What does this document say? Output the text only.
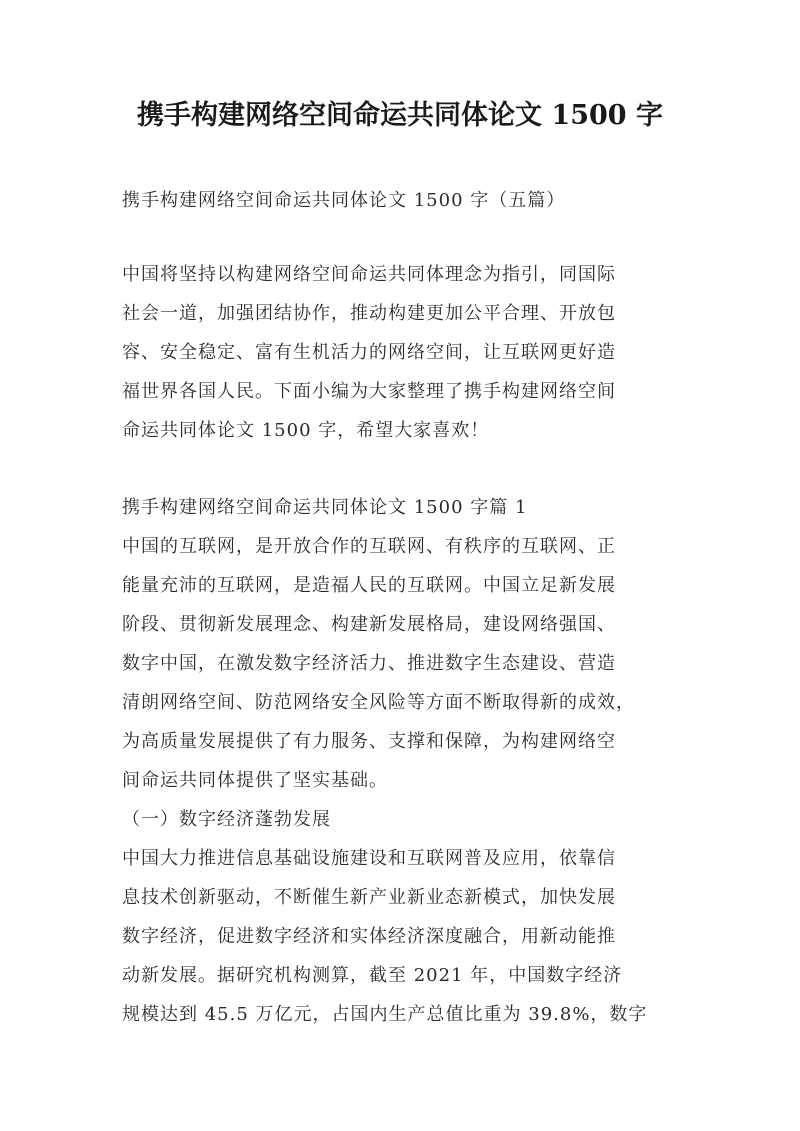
携手构建网络空间命运共同体论文 1500 字
携手构建网络空间命运共同体论文 1500 字（五篇）
中国将坚持以构建网络空间命运共同体理念为指引，同国际
社会一道，加强团结协作，推动构建更加公平合理、开放包
容、安全稳定、富有生机活力的网络空间，让互联网更好造
福世界各国人民。下面小编为大家整理了携手构建网络空间
命运共同体论文 1500 字，希望大家喜欢！
携手构建网络空间命运共同体论文 1500 字篇 1
中国的互联网，是开放合作的互联网、有秩序的互联网、正
能量充沛的互联网，是造福人民的互联网。中国立足新发展
阶段、贯彻新发展理念、构建新发展格局，建设网络强国、
数字中国，在激发数字经济活力、推进数字生态建设、营造
清朗网络空间、防范网络安全风险等方面不断取得新的成效，
为高质量发展提供了有力服务、支撑和保障，为构建网络空
间命运共同体提供了坚实基础。
（一）数字经济蓬勃发展
中国大力推进信息基础设施建设和互联网普及应用，依靠信
息技术创新驱动，不断催生新产业新业态新模式，加快发展
数字经济，促进数字经济和实体经济深度融合，用新动能推
动新发展。据研究机构测算，截至 2021 年，中国数字经济
规模达到 45.5 万亿元，占国内生产总值比重为 39.8%，数字
